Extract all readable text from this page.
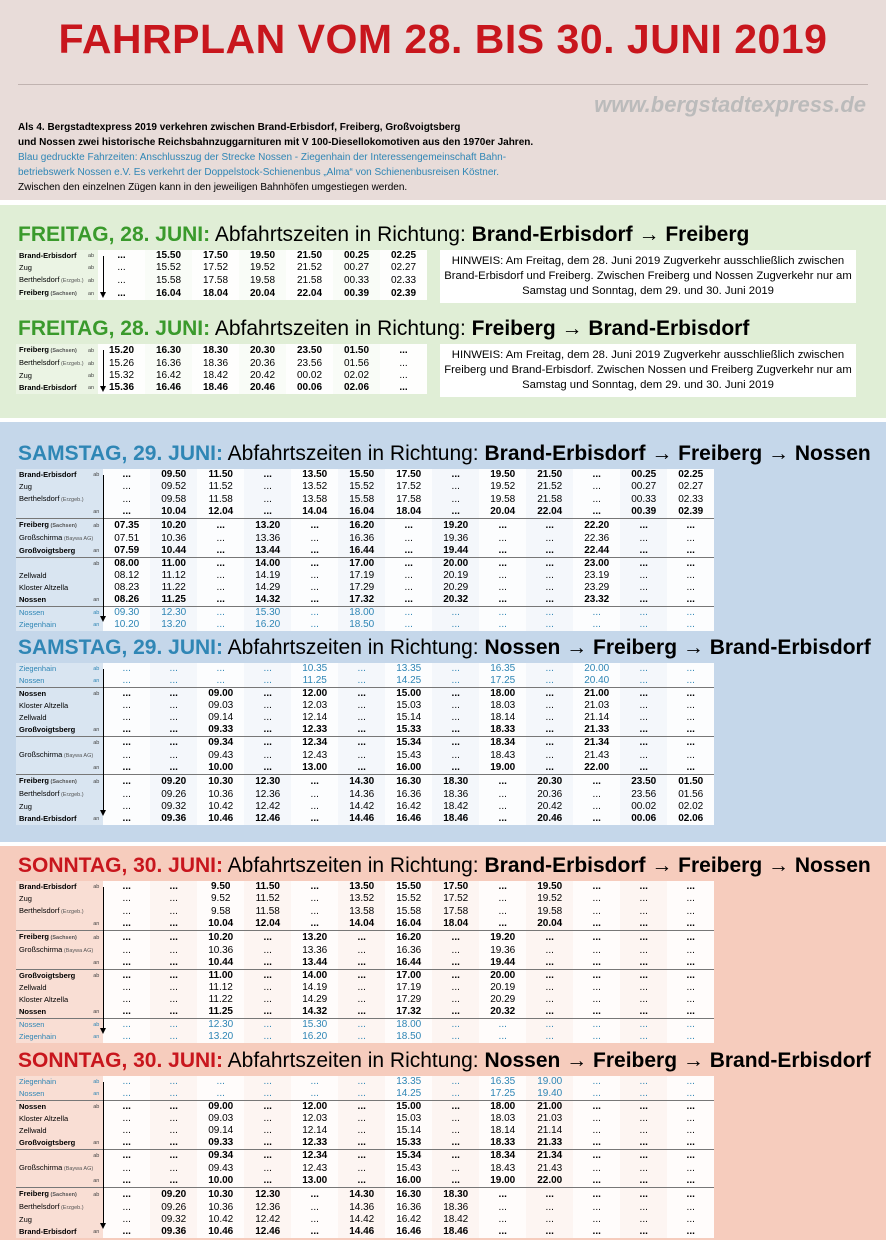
FAHRPLAN VOM 28. BIS 30. JUNI 2019
www.bergstadtexpress.de

Als 4. Bergstadtexpress 2019 verkehren zwischen Brand-Erbisdorf, Freiberg, Großvoigtsberg

und Nossen zwei historische Reichsbahnzuggarnituren mit V 100-Diesellokomotiven aus den 1970er Jahren.

Blau gedruckte Fahrzeiten: Anschlusszug der Strecke Nossen - Ziegenhain der Interessengemeinschaft Bahn-

betriebswerk Nossen e.V. Es verkehrt der Doppelstock-Schienenbus „Alma“ von Schienenbusreisen Köstner.

Zwischen den einzelnen Zügen kann in den jeweiligen Bahnhöfen umgestiegen werden.

FREITAG, 28. JUNI: Abfahrtszeiten in Richtung: Brand-Erbisdorf → Freiberg
Brand-Erbisdorf	ab	...	15.50	17.50	19.50	21.50	00.25	02.25
Zug	ab	...	15.52	17.52	19.52	21.52	00.27	02.27
Berthelsdorf (Erzgeb.)	ab	...	15.58	17.58	19.58	21.58	00.33	02.33
Freiberg (Sachsen)	an	...	16.04	18.04	20.04	22.04	00.39	02.39
HINWEIS: Am Freitag, dem 28. Juni 2019 Zugverkehr ausschließlich zwischen Brand-Erbisdorf und Freiberg. Zwischen Freiberg und Nossen Zugverkehr nur am Samstag und Sonntag, dem 29. und 30. Juni 2019
FREITAG, 28. JUNI: Abfahrtszeiten in Richtung: Freiberg → Brand-Erbisdorf
Freiberg (Sachsen)	ab	15.20	16.30	18.30	20.30	23.50	01.50	...
Berthelsdorf (Erzgeb.)	ab	15.26	16.36	18.36	20.36	23.56	01.56	...
Zug	ab	15.32	16.42	18.42	20.42	00.02	02.02	...
Brand-Erbisdorf	an	15.36	16.46	18.46	20.46	00.06	02.06	...
HINWEIS: Am Freitag, dem 28. Juni 2019 Zugverkehr ausschließlich zwischen Freiberg und Brand-Erbisdorf. Zwischen Nossen und Freiberg Zugverkehr nur am Samstag und Sonntag, dem 29. und 30. Juni 2019
SAMSTAG, 29. JUNI: Abfahrtszeiten in Richtung: Brand-Erbisdorf → Freiberg → Nossen
Brand-Erbisdorf	ab	...	09.50	11.50	...	13.50	15.50	17.50	...	19.50	21.50	...	00.25	02.25
Zug		...	09.52	11.52	...	13.52	15.52	17.52	...	19.52	21.52	...	00.27	02.27
Berthelsdorf (Erzgeb.)		...	09.58	11.58	...	13.58	15.58	17.58	...	19.58	21.58	...	00.33	02.33
	an	...	10.04	12.04	...	14.04	16.04	18.04	...	20.04	22.04	...	00.39	02.39
Freiberg (Sachsen)	ab	07.35	10.20	...	13.20	...	16.20	...	19.20	...	...	22.20	...	...
Großschirma (Baywa AG)		07.51	10.36	...	13.36	...	16.36	...	19.36	...	...	22.36	...	...
Großvoigtsberg	an	07.59	10.44	...	13.44	...	16.44	...	19.44	...	...	22.44	...	...
	ab	08.00	11.00	...	14.00	...	17.00	...	20.00	...	...	23.00	...	...
Zellwald		08.12	11.12	...	14.19	...	17.19	...	20.19	...	...	23.19	...	...
Kloster Altzella		08.23	11.22	...	14.29	...	17.29	...	20.29	...	...	23.29	...	...
Nossen	an	08.26	11.25	...	14.32	...	17.32	...	20.32	...	...	23.32	...	...
Nossen	ab	09.30	12.30	...	15.30	...	18.00	...	...	...	...	...	...	...
Ziegenhain	an	10.20	13.20	...	16.20	...	18.50	...	...	...	...	...	...	...
SAMSTAG, 29. JUNI: Abfahrtszeiten in Richtung: Nossen → Freiberg → Brand-Erbisdorf
Ziegenhain	ab	...	...	...	...	10.35	...	13.35	...	16.35	...	20.00	...	...
Nossen	an	...	...	...	...	11.25	...	14.25	...	17.25	...	20.40	...	...
Nossen	ab	...	...	09.00	...	12.00	...	15.00	...	18.00	...	21.00	...	...
Kloster Altzella		...	...	09.03	...	12.03	...	15.03	...	18.03	...	21.03	...	...
Zellwald		...	...	09.14	...	12.14	...	15.14	...	18.14	...	21.14	...	...
Großvoigtsberg	an	...	...	09.33	...	12.33	...	15.33	...	18.33	...	21.33	...	...
	ab	...	...	09.34	...	12.34	...	15.34	...	18.34	...	21.34	...	...
Großschirma (Baywa AG)		...	...	09.43	...	12.43	...	15.43	...	18.43	...	21.43	...	...
	an	...	...	10.00	...	13.00	...	16.00	...	19.00	...	22.00	...	...
Freiberg (Sachsen)	ab	...	09.20	10.30	12.30	...	14.30	16.30	18.30	...	20.30	...	23.50	01.50
Berthelsdorf (Erzgeb.)		...	09.26	10.36	12.36	...	14.36	16.36	18.36	...	20.36	...	23.56	01.56
Zug		...	09.32	10.42	12.42	...	14.42	16.42	18.42	...	20.42	...	00.02	02.02
Brand-Erbisdorf	an	...	09.36	10.46	12.46	...	14.46	16.46	18.46	...	20.46	...	00.06	02.06
SONNTAG, 30. JUNI: Abfahrtszeiten in Richtung: Brand-Erbisdorf → Freiberg → Nossen
Brand-Erbisdorf	ab	...	...	9.50	11.50	...	13.50	15.50	17.50	...	19.50	...	...	...
Zug		...	...	9.52	11.52	...	13.52	15.52	17.52	...	19.52	...	...	...
Berthelsdorf (Erzgeb.)		...	...	9.58	11.58	...	13.58	15.58	17.58	...	19.58	...	...	...
	an	...	...	10.04	12.04	...	14.04	16.04	18.04	...	20.04	...	...	...
Freiberg (Sachsen)	ab	...	...	10.20	...	13.20	...	16.20	...	19.20	...	...	...	...
Großschirma (Baywa AG)		...	...	10.36	...	13.36	...	16.36	...	19.36	...	...	...	...
	an	...	...	10.44	...	13.44	...	16.44	...	19.44	...	...	...	...
Großvoigtsberg	ab	...	...	11.00	...	14.00	...	17.00	...	20.00	...	...	...	...
Zellwald		...	...	11.12	...	14.19	...	17.19	...	20.19	...	...	...	...
Kloster Altzella		...	...	11.22	...	14.29	...	17.29	...	20.29	...	...	...	...
Nossen	an	...	...	11.25	...	14.32	...	17.32	...	20.32	...	...	...	...
Nossen	ab	...	...	12.30	...	15.30	...	18.00	...	...	...	...	...	...
Ziegenhain	an	...	...	13.20	...	16.20	...	18.50	...	...	...	...	...	...
SONNTAG, 30. JUNI: Abfahrtszeiten in Richtung: Nossen → Freiberg → Brand-Erbisdorf
Ziegenhain	ab	...	...	...	...	...	...	13.35	...	16.35	19.00	...	...	...
Nossen	an	...	...	...	...	...	...	14.25	...	17.25	19.40	...	...	...
Nossen	ab	...	...	09.00	...	12.00	...	15.00	...	18.00	21.00	...	...	...
Kloster Altzella		...	...	09.03	...	12.03	...	15.03	...	18.03	21.03	...	...	...
Zellwald		...	...	09.14	...	12.14	...	15.14	...	18.14	21.14	...	...	...
Großvoigtsberg	an	...	...	09.33	...	12.33	...	15.33	...	18.33	21.33	...	...	...
	ab	...	...	09.34	...	12.34	...	15.34	...	18.34	21.34	...	...	...
Großschirma (Baywa AG)		...	...	09.43	...	12.43	...	15.43	...	18.43	21.43	...	...	...
	an	...	...	10.00	...	13.00	...	16.00	...	19.00	22.00	...	...	...
Freiberg (Sachsen)	ab	...	09.20	10.30	12.30	...	14.30	16.30	18.30	...	...	...	...	...
Berthelsdorf (Erzgeb.)		...	09.26	10.36	12.36	...	14.36	16.36	18.36	...	...	...	...	...
Zug		...	09.32	10.42	12.42	...	14.42	16.42	18.42	...	...	...	...	...
Brand-Erbisdorf	an	...	09.36	10.46	12.46	...	14.46	16.46	18.46	...	...	...	...	...
